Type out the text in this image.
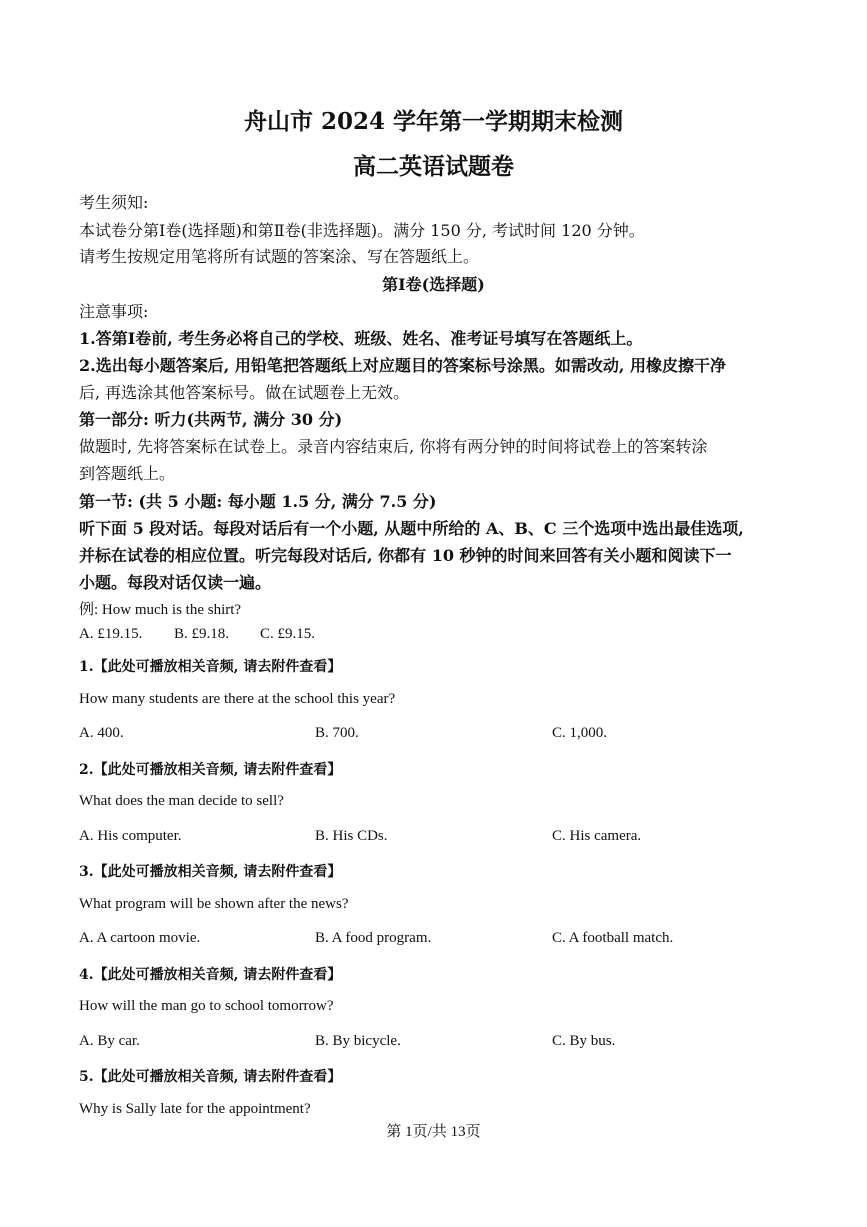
舟山市 2024 学年第一学期期末检测
高二英语试题卷
考生须知:
本试卷分第Ⅰ卷(选择题)和第Ⅱ卷(非选择题)。满分 150 分, 考试时间 120 分钟。
请考生按规定用笔将所有试题的答案涂、写在答题纸上。
第Ⅰ卷(选择题)
注意事项:
1.答第Ⅰ卷前, 考生务必将自己的学校、班级、姓名、准考证号填写在答题纸上。
2.选出每小题答案后, 用铅笔把答题纸上对应题目的答案标号涂黑。如需改动, 用橡皮擦干净
后, 再选涂其他答案标号。做在试题卷上无效。
第一部分: 听力(共两节, 满分 30 分)
做题时, 先将答案标在试卷上。录音内容结束后, 你将有两分钟的时间将试卷上的答案转涂
到答题纸上。
第一节: (共 5 小题: 每小题 1.5 分, 满分 7.5 分)
听下面 5 段对话。每段对话后有一个小题, 从题中所给的 A、B、C 三个选项中选出最佳选项,
并标在试卷的相应位置。听完每段对话后, 你都有 10 秒钟的时间来回答有关小题和阅读下一
小题。每段对话仅读一遍。
例: How much is the shirt?
A. £19.15. B. £9.18. C. £9.15.
1.【此处可播放相关音频, 请去附件查看】
How many students are there at the school this year?
A. 400.	B. 700.	C. 1,000.
2.【此处可播放相关音频, 请去附件查看】
What does the man decide to sell?
A. His computer.	B. His CDs.	C. His camera.
3.【此处可播放相关音频, 请去附件查看】
What program will be shown after the news?
A. A cartoon movie.	B. A food program.	C. A football match.
4.【此处可播放相关音频, 请去附件查看】
How will the man go to school tomorrow?
A. By car.	B. By bicycle.	C. By bus.
5.【此处可播放相关音频, 请去附件查看】
Why is Sally late for the appointment?
第 1页/共 13页
